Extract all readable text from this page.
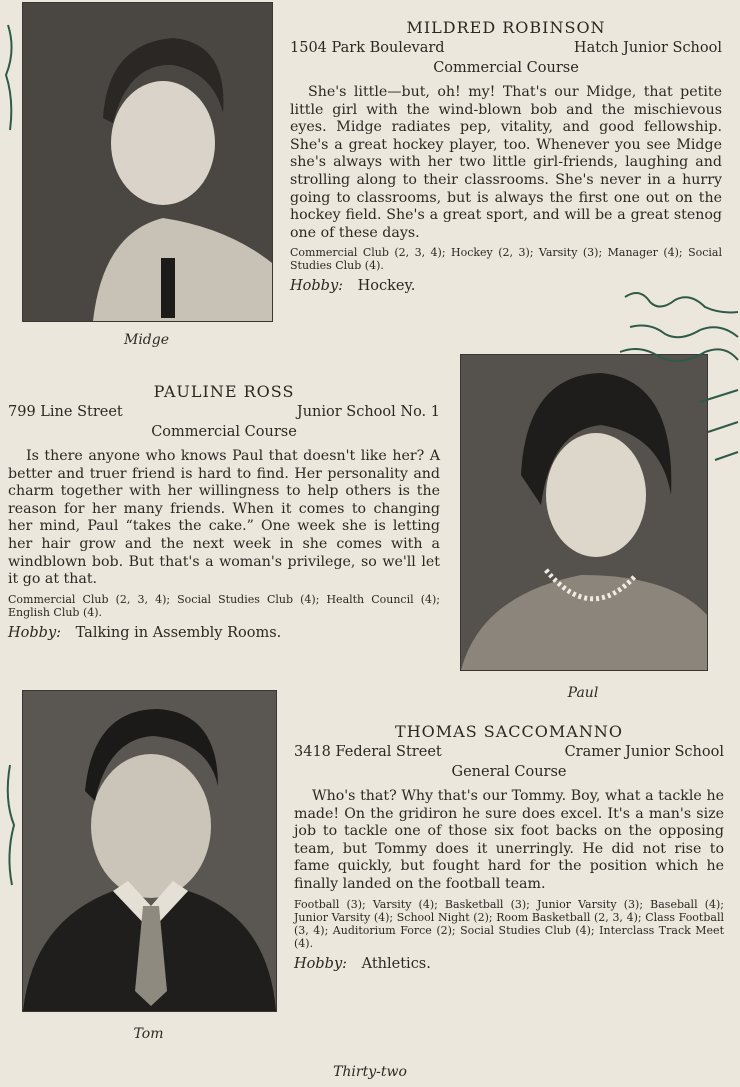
Midge
MILDRED ROBINSON
1504 Park Boulevard	Hatch Junior School
Commercial Course

She's little—but, oh! my! That's our Midge, that petite little girl with the wind-blown bob and the mischievous eyes. Midge radiates pep, vitality, and good fellowship. She's a great hockey player, too. Whenever you see Midge she's always with her two little girl-friends, laughing and strolling along to their classrooms. She's never in a hurry going to classrooms, but is always the first one out on the hockey field. She's a great sport, and will be a great stenog one of these days.

Commercial Club (2, 3, 4); Hockey (2, 3); Varsity (3); Manager (4); Social Studies Club (4).

Hobby: Hockey.
PAULINE ROSS
799 Line Street	Junior School No. 1
Commercial Course

Is there anyone who knows Paul that doesn't like her? A better and truer friend is hard to find. Her personality and charm together with her willingness to help others is the reason for her many friends. When it comes to changing her mind, Paul “takes the cake.” One week she is letting her hair grow and the next week in she comes with a windblown bob. But that's a woman's privilege, so we'll let it go at that.

Commercial Club (2, 3, 4); Social Studies Club (4); Health Council (4); English Club (4).

Hobby: Talking in Assembly Rooms.
Paul
Tom
THOMAS SACCOMANNO
3418 Federal Street	Cramer Junior School
General Course

Who's that? Why that's our Tommy. Boy, what a tackle he made! On the gridiron he sure does excel. It's a man's size job to tackle one of those six foot backs on the opposing team, but Tommy does it unerringly. He did not rise to fame quickly, but fought hard for the position which he finally landed on the football team.

Football (3); Varsity (4); Basketball (3); Junior Varsity (3); Baseball (4); Junior Varsity (4); School Night (2); Room Basketball (2, 3, 4); Class Football (3, 4); Auditorium Force (2); Social Studies Club (4); Interclass Track Meet (4).

Hobby: Athletics.
Thirty-two
